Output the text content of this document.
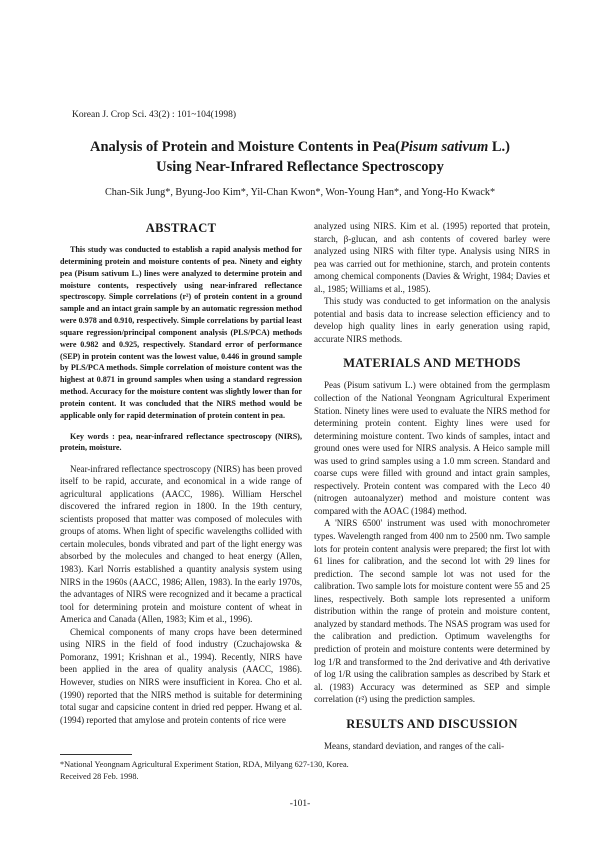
Korean J. Crop Sci. 43(2) : 101~104(1998)
Analysis of Protein and Moisture Contents in Pea(Pisum sativum L.)
Using Near-Infrared Reflectance Spectroscopy
Chan-Sik Jung*, Byung-Joo Kim*, Yil-Chan Kwon*, Won-Young Han*, and Yong-Ho Kwack*
ABSTRACT

This study was conducted to establish a rapid analysis method for determining protein and moisture contents of pea. Ninety and eighty pea (Pisum sativum L.) lines were analyzed to determine protein and moisture contents, respectively using near-infrared reflectance spectroscopy. Simple correlations (r²) of protein content in a ground sample and an intact grain sample by an automatic regression method were 0.978 and 0.910, respectively. Simple correlations by partial least square regression/principal component analysis (PLS/PCA) methods were 0.982 and 0.925, respectively. Standard error of performance (SEP) in protein content was the lowest value, 0.446 in ground sample by PLS/PCA methods. Simple correlation of moisture content was the highest at 0.871 in ground samples when using a standard regression method. Accuracy for the moisture content was slightly lower than for protein content. It was concluded that the NIRS method would be applicable only for rapid determination of protein content in pea.

Key words : pea, near-infrared reflectance spectroscopy (NIRS), protein, moisture.

Near-infrared reflectance spectroscopy (NIRS) has been proved itself to be rapid, accurate, and economical in a wide range of agricultural applications (AACC, 1986). William Herschel discovered the infrared region in 1800. In the 19th century, scientists proposed that matter was composed of molecules with groups of atoms. When light of specific wavelengths collided with certain molecules, bonds vibrated and part of the light energy was absorbed by the molecules and changed to heat energy (Allen, 1983). Karl Norris established a quantity analysis system using NIRS in the 1960s (AACC, 1986; Allen, 1983). In the early 1970s, the advantages of NIRS were recognized and it became a practical tool for determining protein and moisture content of wheat in America and Canada (Allen, 1983; Kim et al., 1996).

Chemical components of many crops have been determined using NIRS in the field of food industry (Czuchajowska & Pomoranz, 1991; Krishnan et al., 1994). Recently, NIRS have been applied in the area of quality analysis (AACC, 1986). However, studies on NIRS were insufficient in Korea. Cho et al. (1990) reported that the NIRS method is suitable for determining total sugar and capsicine content in dried red pepper. Hwang et al. (1994) reported that amylose and protein contents of rice were

analyzed using NIRS. Kim et al. (1995) reported that protein, starch, β-glucan, and ash contents of covered barley were analyzed using NIRS with filter type. Analysis using NIRS in pea was carried out for methionine, starch, and protein contents among chemical components (Davies & Wright, 1984; Davies et al., 1985; Williams et al., 1985).

This study was conducted to get information on the analysis potential and basis data to increase selection efficiency and to develop high quality lines in early generation using rapid, accurate NIRS methods.

MATERIALS AND METHODS

Peas (Pisum sativum L.) were obtained from the germplasm collection of the National Yeongnam Agricultural Experiment Station. Ninety lines were used to evaluate the NIRS method for determining protein content. Eighty lines were used for determining moisture content. Two kinds of samples, intact and ground ones were used for NIRS analysis. A Heico sample mill was used to grind samples using a 1.0 mm screen. Standard and coarse cups were filled with ground and intact grain samples, respectively. Protein content was compared with the Leco 40 (nitrogen autoanalyzer) method and moisture content was compared with the AOAC (1984) method.

A 'NIRS 6500' instrument was used with monochrometer types. Wavelength ranged from 400 nm to 2500 nm. Two sample lots for protein content analysis were prepared; the first lot with 61 lines for calibration, and the second lot with 29 lines for prediction. The second sample lot was not used for the calibration. Two sample lots for moisture content were 55 and 25 lines, respectively. Both sample lots represented a uniform distribution within the range of protein and moisture content, analyzed by standard methods. The NSAS program was used for the calibration and prediction. Optimum wavelengths for prediction of protein and moisture contents were determined by log 1/R and transformed to the 2nd derivative and 4th derivative of log 1/R using the calibration samples as described by Stark et al. (1983) Accuracy was determined as SEP and simple correlation (r²) using the prediction samples.

RESULTS AND DISCUSSION

Means, standard deviation, and ranges of the cali-

*National Yeongnam Agricultural Experiment Station, RDA, Milyang 627-130, Korea.
Received 28 Feb. 1998.
-101-
